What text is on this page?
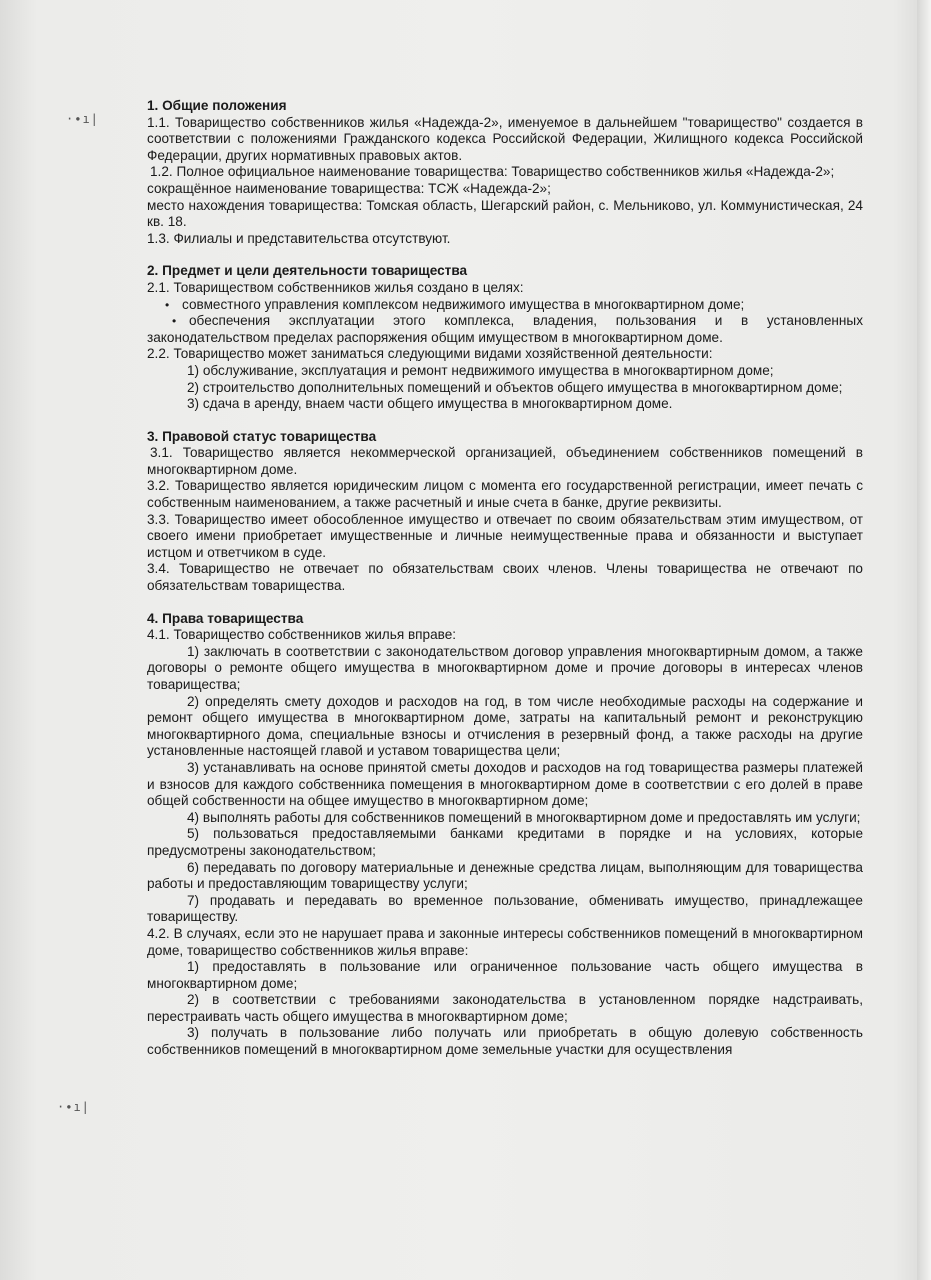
·∙ı|
·∙ı|

1. Общие положения

1.1. Товарищество собственников жилья «Надежда-2», именуемое в дальнейшем "товарищество" создается в соответствии с положениями Гражданского кодекса Российской Федерации, Жилищного кодекса Российской Федерации, других нормативных правовых актов.

1.2. Полное официальное наименование товарищества: Товарищество собственников жилья «Надежда-2»;

сокращённое наименование товарищества: ТСЖ «Надежда-2»;

место нахождения товарищества: Томская область, Шегарский район, с. Мельниково, ул. Коммунистическая, 24 кв. 18.

1.3. Филиалы и представительства отсутствуют.

2. Предмет и цели деятельности товарищества

2.1. Товариществом собственников жилья создано в целях:

• совместного управления комплексом недвижимого имущества в многоквартирном доме;

• обеспечения эксплуатации этого комплекса, владения, пользования и в установленных законодательством пределах распоряжения общим имуществом в многоквартирном доме.

2.2. Товарищество может заниматься следующими видами хозяйственной деятельности:

1) обслуживание, эксплуатация и ремонт недвижимого имущества в многоквартирном доме;

2) строительство дополнительных помещений и объектов общего имущества в многоквартирном доме;

3) сдача в аренду, внаем части общего имущества в многоквартирном доме.

3. Правовой статус товарищества

3.1. Товарищество является некоммерческой организацией, объединением собственников помещений в многоквартирном доме.

3.2. Товарищество является юридическим лицом с момента его государственной регистрации, имеет печать с собственным наименованием, а также расчетный и иные счета в банке, другие реквизиты.

3.3. Товарищество имеет обособленное имущество и отвечает по своим обязательствам этим имуществом, от своего имени приобретает имущественные и личные неимущественные права и обязанности и выступает истцом и ответчиком в суде.

3.4. Товарищество не отвечает по обязательствам своих членов. Члены товарищества не отвечают по обязательствам товарищества.

4. Права товарищества

4.1. Товарищество собственников жилья вправе:

1) заключать в соответствии с законодательством договор управления многоквартирным домом, а также договоры о ремонте общего имущества в многоквартирном доме и прочие договоры в интересах членов товарищества;

2) определять смету доходов и расходов на год, в том числе необходимые расходы на содержание и ремонт общего имущества в многоквартирном доме, затраты на капитальный ремонт и реконструкцию многоквартирного дома, специальные взносы и отчисления в резервный фонд, а также расходы на другие установленные настоящей главой и уставом товарищества цели;

3) устанавливать на основе принятой сметы доходов и расходов на год товарищества размеры платежей и взносов для каждого собственника помещения в многоквартирном доме в соответствии с его долей в праве общей собственности на общее имущество в многоквартирном доме;

4) выполнять работы для собственников помещений в многоквартирном доме и предоставлять им услуги;

5) пользоваться предоставляемыми банками кредитами в порядке и на условиях, которые предусмотрены законодательством;

6) передавать по договору материальные и денежные средства лицам, выполняющим для товарищества работы и предоставляющим товариществу услуги;

7) продавать и передавать во временное пользование, обменивать имущество, принадлежащее товариществу.

4.2. В случаях, если это не нарушает права и законные интересы собственников помещений в многоквартирном доме, товарищество собственников жилья вправе:

1) предоставлять в пользование или ограниченное пользование часть общего имущества в многоквартирном доме;

2) в соответствии с требованиями законодательства в установленном порядке надстраивать, перестраивать часть общего имущества в многоквартирном доме;

3) получать в пользование либо получать или приобретать в общую долевую собственность собственников помещений в многоквартирном доме земельные участки для осуществления
